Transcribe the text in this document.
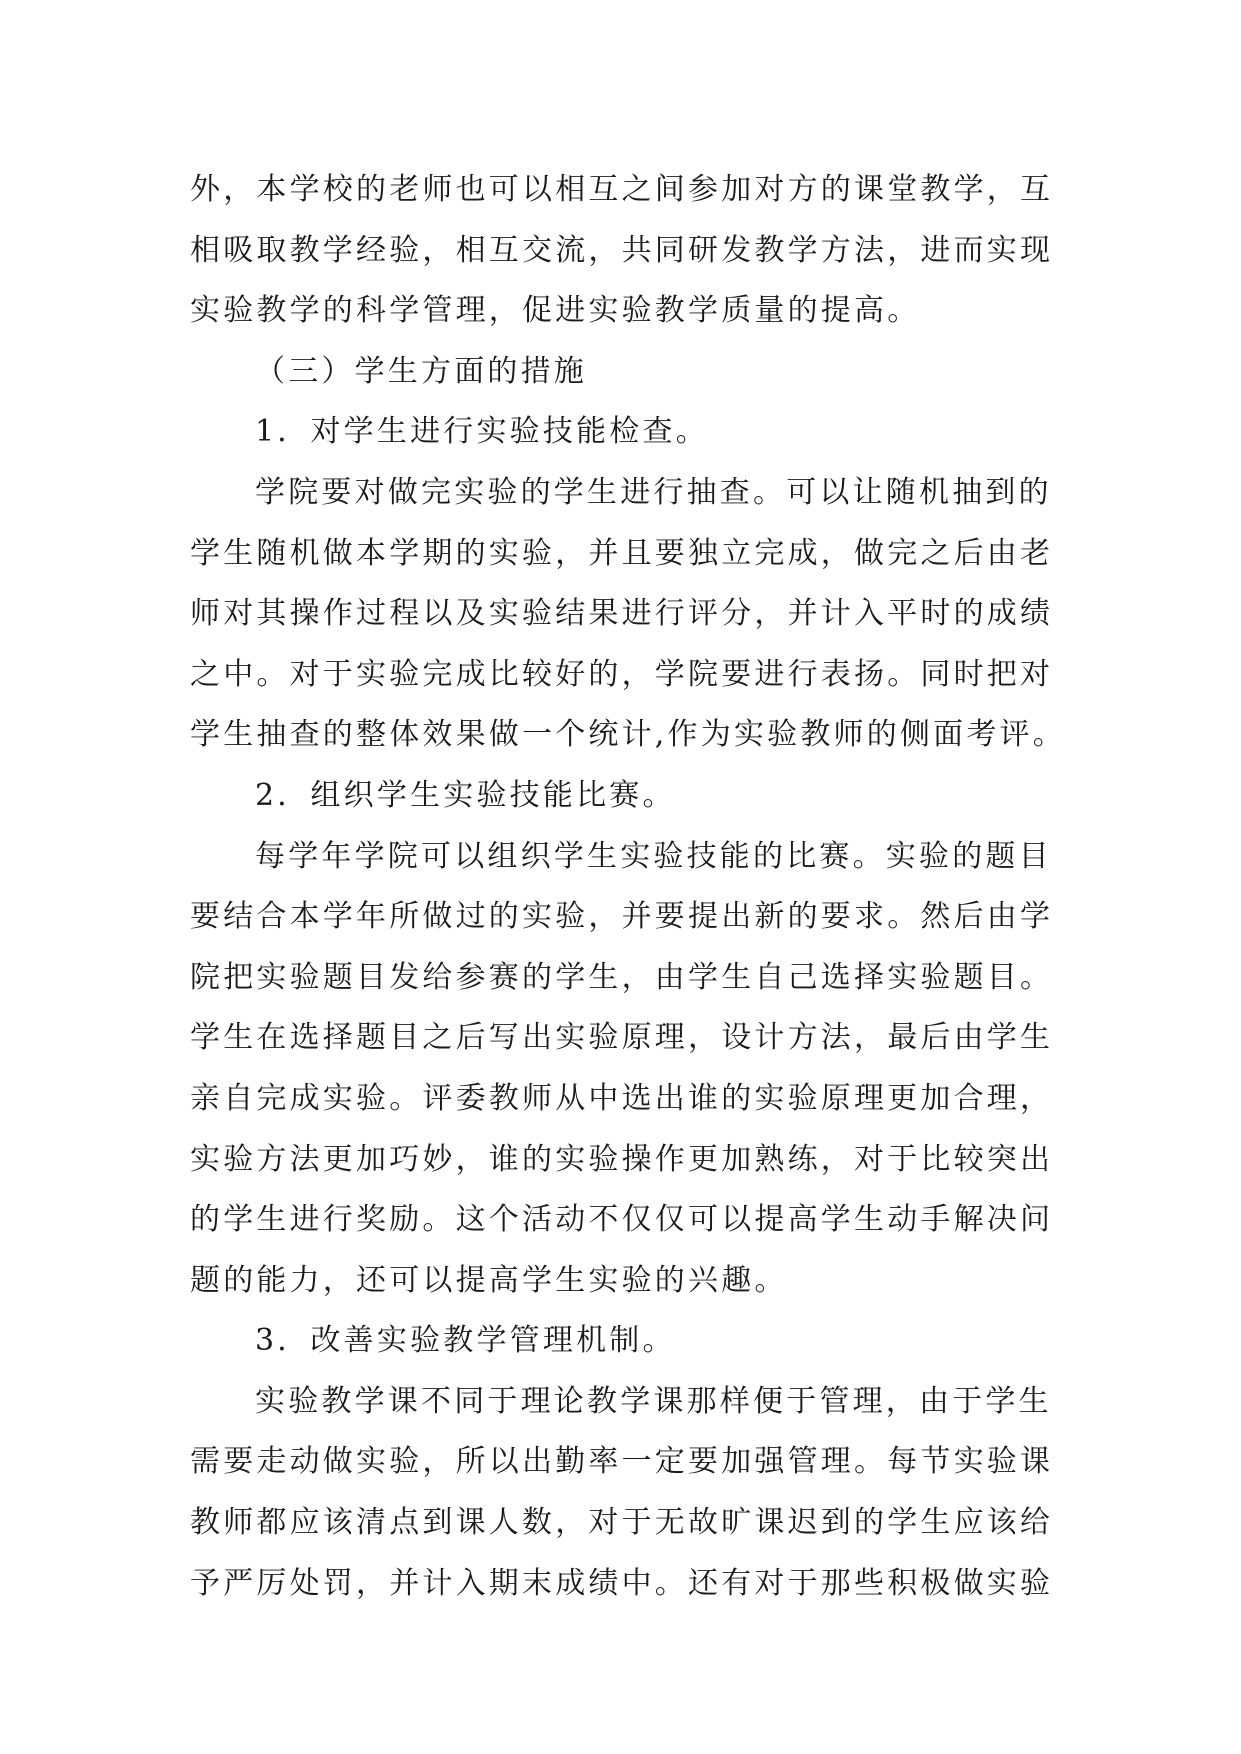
外，本学校的老师也可以相互之间参加对方的课堂教学，互
相吸取教学经验，相互交流，共同研发教学方法，进而实现
实验教学的科学管理，促进实验教学质量的提高。
（三）学生方面的措施
1．对学生进行实验技能检查。
学院要对做完实验的学生进行抽查。可以让随机抽到的
学生随机做本学期的实验，并且要独立完成，做完之后由老
师对其操作过程以及实验结果进行评分，并计入平时的成绩
之中。对于实验完成比较好的，学院要进行表扬。同时把对
学生抽查的整体效果做一个统计,作为实验教师的侧面考评。
2．组织学生实验技能比赛。
每学年学院可以组织学生实验技能的比赛。实验的题目
要结合本学年所做过的实验，并要提出新的要求。然后由学
院把实验题目发给参赛的学生，由学生自己选择实验题目。
学生在选择题目之后写出实验原理，设计方法，最后由学生
亲自完成实验。评委教师从中选出谁的实验原理更加合理，
实验方法更加巧妙，谁的实验操作更加熟练，对于比较突出
的学生进行奖励。这个活动不仅仅可以提高学生动手解决问
题的能力，还可以提高学生实验的兴趣。
3．改善实验教学管理机制。
实验教学课不同于理论教学课那样便于管理，由于学生
需要走动做实验，所以出勤率一定要加强管理。每节实验课
教师都应该清点到课人数，对于无故旷课迟到的学生应该给
予严厉处罚，并计入期末成绩中。还有对于那些积极做实验
